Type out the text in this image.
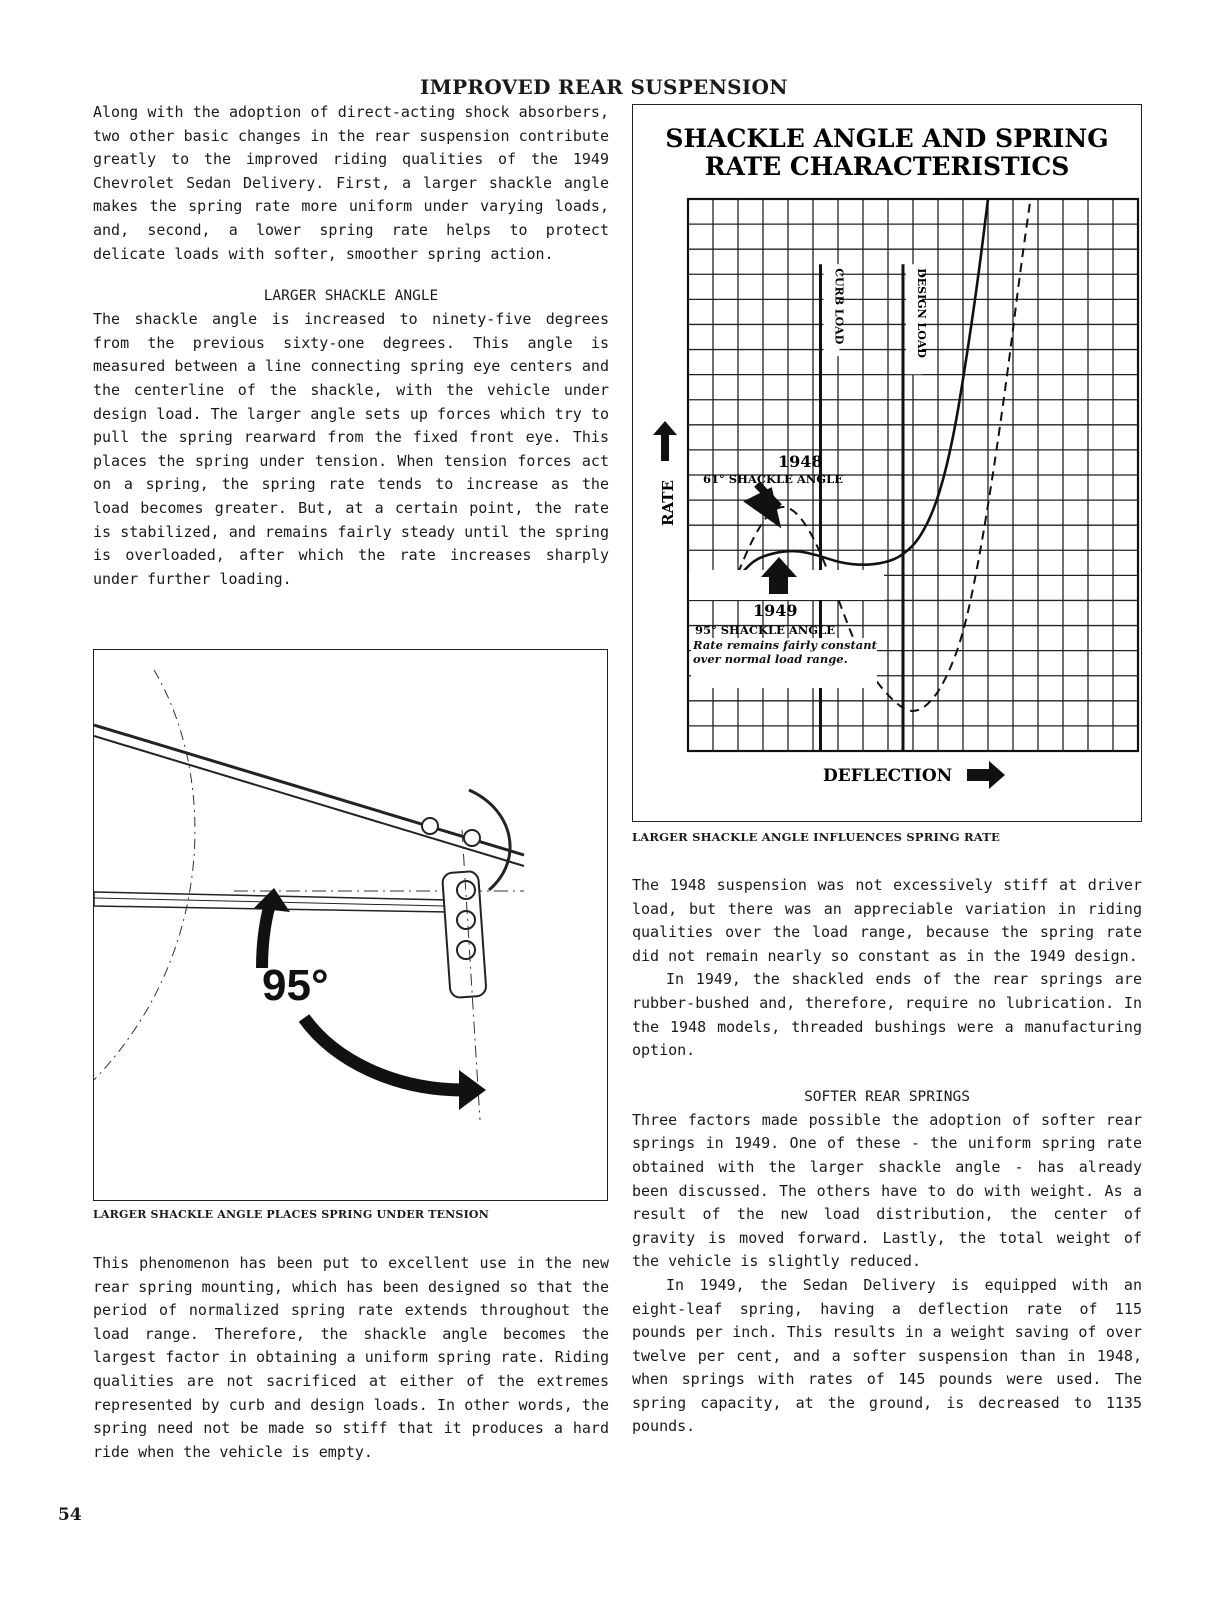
IMPROVED REAR SUSPENSION

Along with the adoption of direct-acting shock absorbers, two other basic changes in the rear suspension contribute greatly to the improved riding qualities of the 1949 Chevrolet Sedan Delivery. First, a larger shackle angle makes the spring rate more uniform under varying loads, and, second, a lower spring rate helps to protect delicate loads with softer, smoother spring action.

LARGER SHACKLE ANGLE

The shackle angle is increased to ninety-five degrees from the previous sixty-one degrees. This angle is measured between a line connecting spring eye centers and the centerline of the shackle, with the vehicle under design load. The larger angle sets up forces which try to pull the spring rearward from the fixed front eye. This places the spring under tension. When tension forces act on a spring, the spring rate tends to increase as the load becomes greater. But, at a certain point, the rate is stabilized, and remains fairly steady until the spring is overloaded, after which the rate increases sharply under further loading.

SHACKLE ANGLE AND SPRING
RATE CHARACTERISTICS
CURB LOAD	DESIGN LOAD
1948
61° SHACKLE ANGLE
1949
95° SHACKLE ANGLE
Rate remains fairly constant over normal load range.
RATE
DEFLECTION
LARGER SHACKLE ANGLE INFLUENCES SPRING RATE
95°
LARGER SHACKLE ANGLE PLACES SPRING UNDER TENSION

This phenomenon has been put to excellent use in the new rear spring mounting, which has been designed so that the period of normalized spring rate extends throughout the load range. Therefore, the shackle angle becomes the largest factor in obtaining a uniform spring rate. Riding qualities are not sacrificed at either of the extremes represented by curb and design loads. In other words, the spring need not be made so stiff that it produces a hard ride when the vehicle is empty.

The 1948 suspension was not excessively stiff at driver load, but there was an appreciable variation in riding qualities over the load range, because the spring rate did not remain nearly so constant as in the 1949 design.

In 1949, the shackled ends of the rear springs are rubber-bushed and, therefore, require no lubrication. In the 1948 models, threaded bushings were a manufacturing option.

SOFTER REAR SPRINGS

Three factors made possible the adoption of softer rear springs in 1949. One of these - the uniform spring rate obtained with the larger shackle angle - has already been discussed. The others have to do with weight. As a result of the new load distribution, the center of gravity is moved forward. Lastly, the total weight of the vehicle is slightly reduced.

In 1949, the Sedan Delivery is equipped with an eight-leaf spring, having a deflection rate of 115 pounds per inch. This results in a weight saving of over twelve per cent, and a softer suspension than in 1948, when springs with rates of 145 pounds were used. The spring capacity, at the ground, is decreased to 1135 pounds.

54
